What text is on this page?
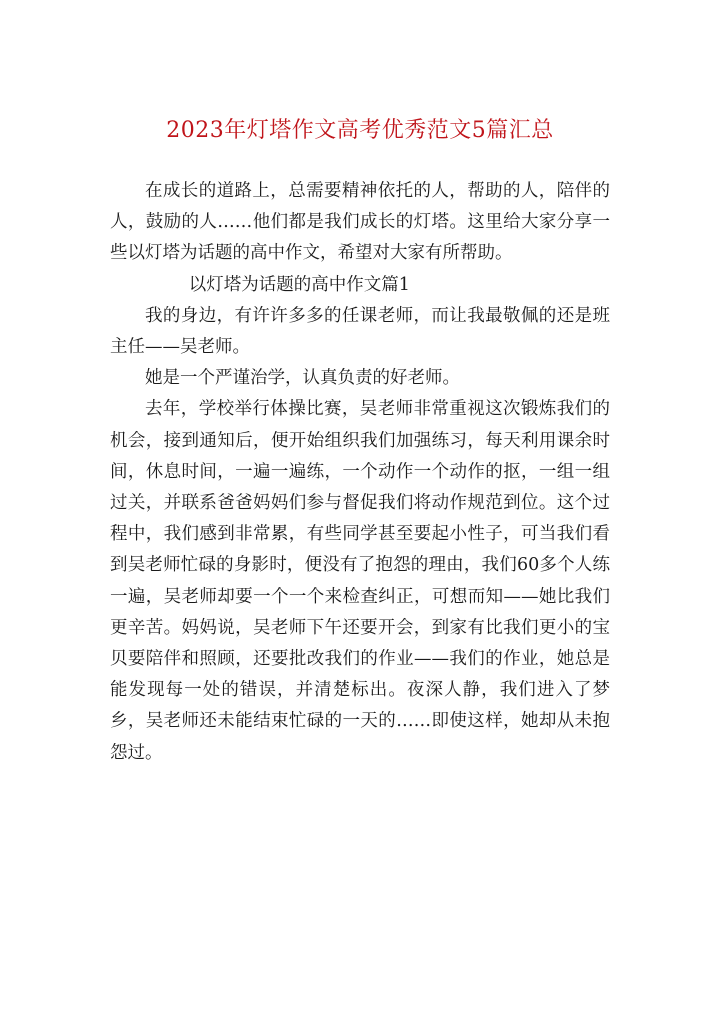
2023年灯塔作文高考优秀范文5篇汇总

在成长的道路上，总需要精神依托的人，帮助的人，陪伴的人，鼓励的人……他们都是我们成长的灯塔。这里给大家分享一些以灯塔为话题的高中作文，希望对大家有所帮助。

以灯塔为话题的高中作文篇1

我的身边，有许许多多的任课老师，而让我最敬佩的还是班主任——吴老师。

她是一个严谨治学，认真负责的好老师。

去年，学校举行体操比赛，吴老师非常重视这次锻炼我们的机会，接到通知后，便开始组织我们加强练习，每天利用课余时间，休息时间，一遍一遍练，一个动作一个动作的抠，一组一组过关，并联系爸爸妈妈们参与督促我们将动作规范到位。这个过程中，我们感到非常累，有些同学甚至要起小性子，可当我们看到吴老师忙碌的身影时，便没有了抱怨的理由，我们60多个人练一遍，吴老师却要一个一个来检查纠正，可想而知——她比我们更辛苦。妈妈说，吴老师下午还要开会，到家有比我们更小的宝贝要陪伴和照顾，还要批改我们的作业——我们的作业，她总是能发现每一处的错误，并清楚标出。夜深人静，我们进入了梦乡，吴老师还未能结束忙碌的一天的……即使这样，她却从未抱怨过。
